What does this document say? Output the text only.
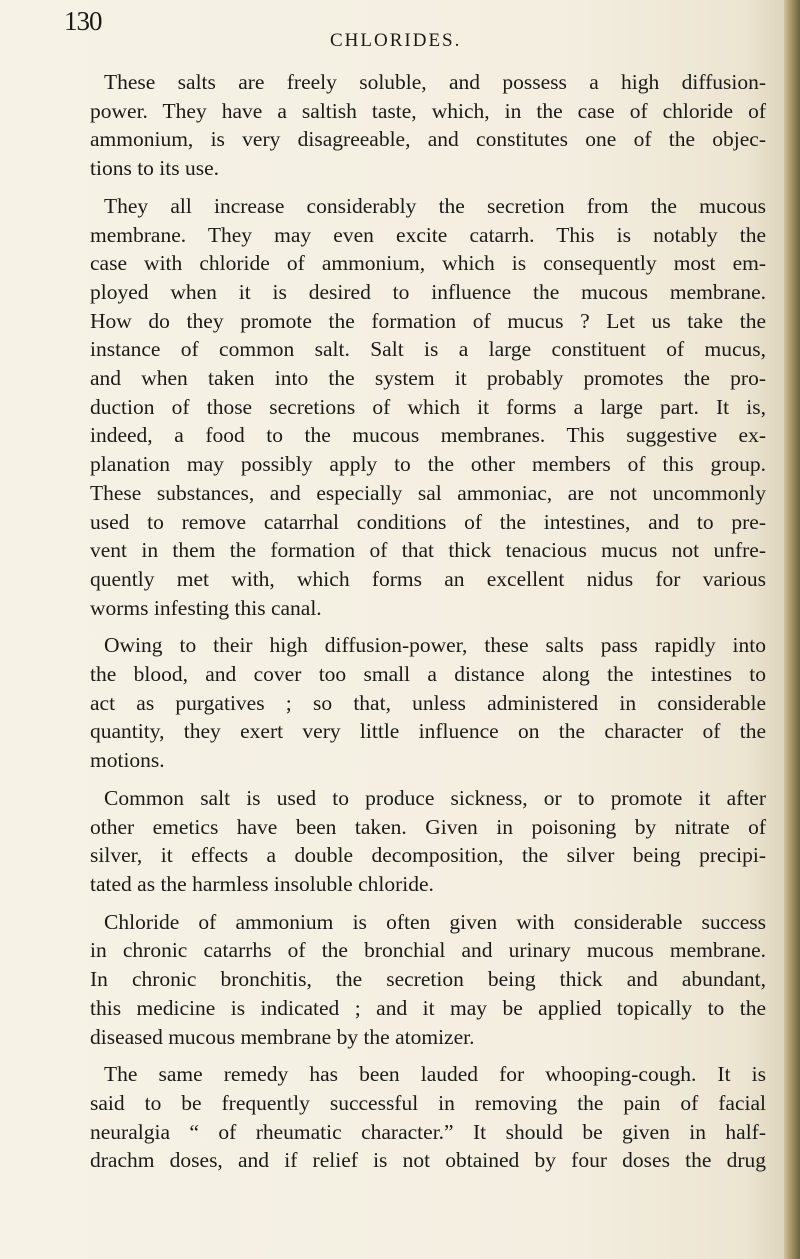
130
CHLORIDES.
These salts are freely soluble, and possess a high diffusion-
power. They have a saltish taste, which, in the case of chloride of
ammonium, is very disagreeable, and constitutes one of the objec-
tions to its use.
They all increase considerably the secretion from the mucous
membrane. They may even excite catarrh. This is notably the
case with chloride of ammonium, which is consequently most em-
ployed when it is desired to influence the mucous membrane.
How do they promote the formation of mucus ? Let us take the
instance of common salt. Salt is a large constituent of mucus,
and when taken into the system it probably promotes the pro-
duction of those secretions of which it forms a large part. It is,
indeed, a food to the mucous membranes. This suggestive ex-
planation may possibly apply to the other members of this group.
These substances, and especially sal ammoniac, are not uncommonly
used to remove catarrhal conditions of the intestines, and to pre-
vent in them the formation of that thick tenacious mucus not unfre-
quently met with, which forms an excellent nidus for various
worms infesting this canal.
Owing to their high diffusion-power, these salts pass rapidly into
the blood, and cover too small a distance along the intestines to
act as purgatives ; so that, unless administered in considerable
quantity, they exert very little influence on the character of the
motions.
Common salt is used to produce sickness, or to promote it after
other emetics have been taken. Given in poisoning by nitrate of
silver, it effects a double decomposition, the silver being precipi-
tated as the harmless insoluble chloride.
Chloride of ammonium is often given with considerable success
in chronic catarrhs of the bronchial and urinary mucous membrane.
In chronic bronchitis, the secretion being thick and abundant,
this medicine is indicated ; and it may be applied topically to the
diseased mucous membrane by the atomizer.
The same remedy has been lauded for whooping-cough. It is
said to be frequently successful in removing the pain of facial
neuralgia “ of rheumatic character.” It should be given in half-
drachm doses, and if relief is not obtained by four doses the drug
